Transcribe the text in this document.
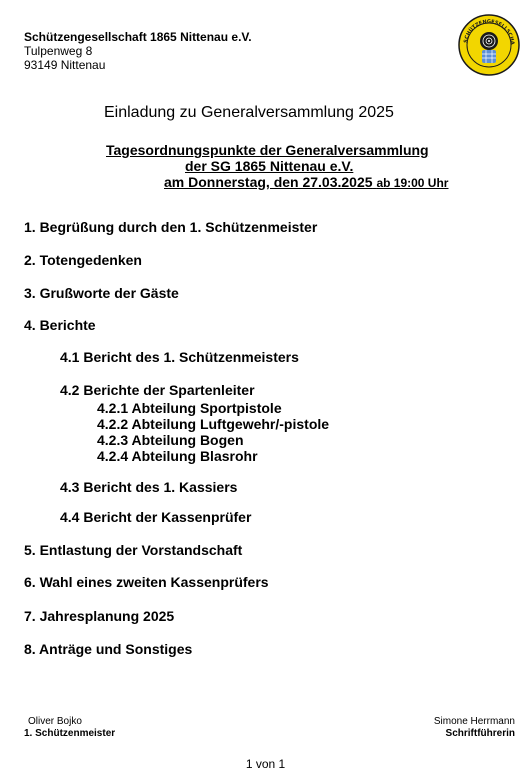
Schützengesellschaft 1865 Nittenau e.V.
Tulpenweg 8
93149 Nittenau
SCHÜTZENGESELLSCHA
Einladung zu Generalversammlung 2025
Tagesordnungspunkte der Generalversammlung
der SG 1865 Nittenau e.V.
am Donnerstag, den 27.03.2025 ab 19:00 Uhr
1. Begrüßung durch den 1. Schützenmeister
2. Totengedenken
3. Grußworte der Gäste
4. Berichte
4.1 Bericht des 1. Schützenmeisters
4.2 Berichte der Spartenleiter
4.2.1 Abteilung Sportpistole
4.2.2 Abteilung Luftgewehr/-pistole
4.2.3 Abteilung Bogen
4.2.4 Abteilung Blasrohr
4.3 Bericht des 1. Kassiers
4.4 Bericht der Kassenprüfer
5. Entlastung der Vorstandschaft
6. Wahl eines zweiten Kassenprüfers
7. Jahresplanung 2025
8. Anträge und Sonstiges
Oliver Bojko
1. Schützenmeister
Simone Herrmann
Schriftführerin
1 von 1
